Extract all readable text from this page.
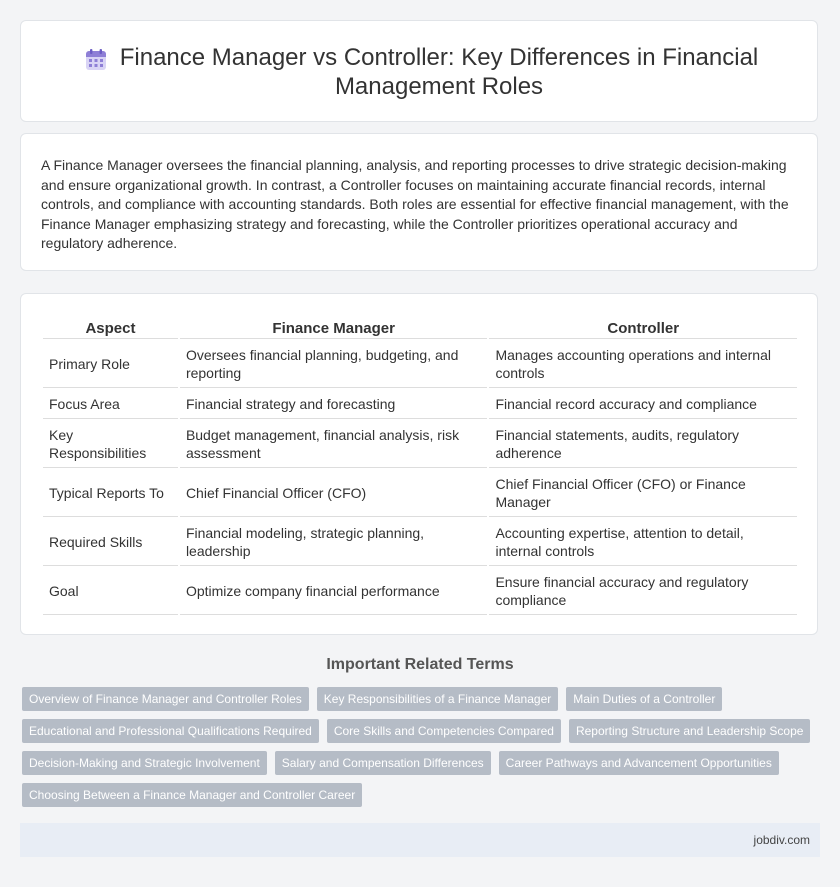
Finance Manager vs Controller: Key Differences in Financial Management Roles

A Finance Manager oversees the financial planning, analysis, and reporting processes to drive strategic decision-making and ensure organizational growth. In contrast, a Controller focuses on maintaining accurate financial records, internal controls, and compliance with accounting standards. Both roles are essential for effective financial management, with the Finance Manager emphasizing strategy and forecasting, while the Controller prioritizes operational accuracy and regulatory adherence.

Aspect	Finance Manager	Controller
Primary Role	Oversees financial planning, budgeting, and reporting	Manages accounting operations and internal controls
Focus Area	Financial strategy and forecasting	Financial record accuracy and compliance
Key Responsibilities	Budget management, financial analysis, risk assessment	Financial statements, audits, regulatory adherence
Typical Reports To	Chief Financial Officer (CFO)	Chief Financial Officer (CFO) or Finance Manager
Required Skills	Financial modeling, strategic planning, leadership	Accounting expertise, attention to detail, internal controls
Goal	Optimize company financial performance	Ensure financial accuracy and regulatory compliance
Important Related Terms
Overview of Finance Manager and Controller Roles	Key Responsibilities of a Finance Manager	Main Duties of a Controller
Educational and Professional Qualifications Required	Core Skills and Competencies Compared	Reporting Structure and Leadership Scope
Decision-Making and Strategic Involvement	Salary and Compensation Differences	Career Pathways and Advancement Opportunities
Choosing Between a Finance Manager and Controller Career
jobdiv.com
